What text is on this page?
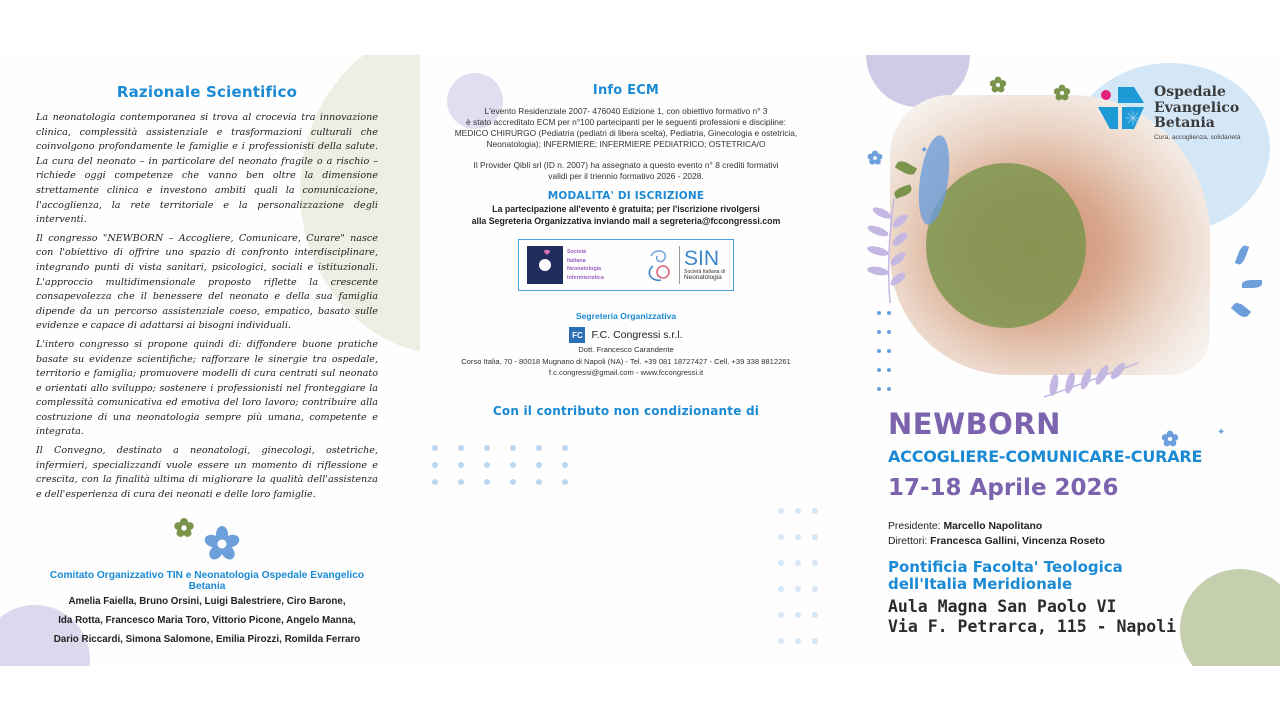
Razionale Scientifico

La neonatologia contemporanea si trova al crocevia tra innovazione clinica, complessità assistenziale e trasformazioni culturali che coinvolgono profondamente le famiglie e i professionisti della salute. La cura del neonato – in particolare del neonato fragile o a rischio – richiede oggi competenze che vanno ben oltre la dimensione strettamente clinica e investono ambiti quali la comunicazione, l'accoglienza, la rete territoriale e la personalizzazione degli interventi.

Il congresso "NEWBORN – Accogliere, Comunicare, Curare" nasce con l'obiettivo di offrire uno spazio di confronto interdisciplinare, integrando punti di vista sanitari, psicologici, sociali e istituzionali. L'approccio multidimensionale proposto riflette la crescente consapevolezza che il benessere del neonato e della sua famiglia dipende da un percorso assistenziale coeso, empatico, basato sulle evidenze e capace di adattarsi ai bisogni individuali.

L'intero congresso si propone quindi di: diffondere buone pratiche basate su evidenze scientifiche; rafforzare le sinergie tra ospedale, territorio e famiglia; promuovere modelli di cura centrati sul neonato e orientati allo sviluppo; sostenere i professionisti nel fronteggiare la complessità comunicativa ed emotiva del loro lavoro; contribuire alla costruzione di una neonatologia sempre più umana, competente e integrata.

Il Convegno, destinato a neonatologi, ginecologi, ostetriche, infermieri, specializzandi vuole essere un momento di riflessione e crescita, con la finalità ultima di migliorare la qualità dell'assistenza e dell'esperienza di cura dei neonati e delle loro famiglie.

Comitato Organizzativo TIN e Neonatologia Ospedale Evangelico Betania
Amelia Faiella, Bruno Orsini, Luigi Balestriere, Ciro Barone,
Ida Rotta, Francesco Maria Toro, Vittorio Picone, Angelo Manna,
Dario Riccardi, Simona Salomone, Emilia Pirozzi, Romilda Ferraro
Info ECM
L'evento Residenziale 2007- 476040 Edizione 1, con obiettivo formativo n° 3
è stato accreditato ECM per n°100 partecipanti per le seguenti professioni e discipline:
MEDICO CHIRURGO (Pediatria (pediatri di libera scelta), Pediatria, Ginecologia e ostetricia,
Neonatologia); INFERMIERE; INFERMIERE PEDIATRICO; OSTETRICA/O
Il Provider Qibli srl (ID n. 2007) ha assegnato a questo evento n° 8 crediti formativi
validi per il triennio formativo 2026 - 2028.
MODALITA' DI ISCRIZIONE
La partecipazione all'evento è gratuita; per l'iscrizione rivolgersi
alla Segreteria Organizzativa inviando mail a segreteria@fccongressi.com
Società
Italiana
Neonatologia
Infermieristica
SIN
Società Italiana di
Neonatologia
Segreteria Organizzativa
FC F.C. Congressi s.r.l.
Dott. Francesco Carandente
Corso Italia, 70 - 80018 Mugnano di Napoli (NA) - Tel. +39 081 18727427 - Cell. +39 338 8812261
f.c.congressi@gmail.com - www.fccongressi.it
Con il contributo non condizionante di
✦
✦
Ospedale
Evangelico
Betania
Cura, accoglienza, solidarietà
NEWBORN
ACCOGLIERE-COMUNICARE-CURARE
17-18 Aprile 2026
Presidente: Marcello Napolitano
Direttori: Francesca Gallini, Vincenza Roseto
Pontificia Facolta' Teologica
dell'Italia Meridionale
Aula Magna San Paolo VI
Via F. Petrarca, 115 - Napoli
